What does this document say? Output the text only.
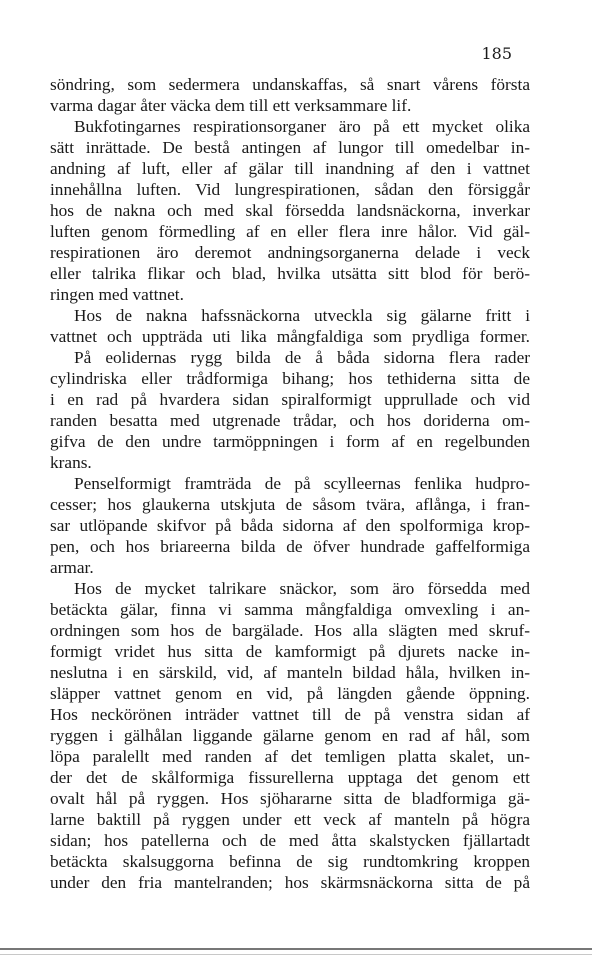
185
söndring, som sedermera undanskaffas, så snart vårens första
varma dagar åter väcka dem till ett verksammare lif.
Bukfotingarnes respirationsorganer äro på ett mycket olika
sätt inrättade. De bestå antingen af lungor till omedelbar in-
andning af luft, eller af gälar till inandning af den i vattnet
innehållna luften. Vid lungrespirationen, sådan den försiggår
hos de nakna och med skal försedda landsnäckorna, inverkar
luften genom förmedling af en eller flera inre hålor. Vid gäl-
respirationen äro deremot andningsorganerna delade i veck
eller talrika flikar och blad, hvilka utsätta sitt blod för berö-
ringen med vattnet.
Hos de nakna hafssnäckorna utveckla sig gälarne fritt i
vattnet och uppträda uti lika mångfaldiga som prydliga former.
På eolidernas rygg bilda de å båda sidorna flera rader
cylindriska eller trådformiga bihang; hos tethiderna sitta de
i en rad på hvardera sidan spiralformigt upprullade och vid
randen besatta med utgrenade trådar, och hos doriderna om-
gifva de den undre tarmöppningen i form af en regelbunden
krans.
Penselformigt framträda de på scylleernas fenlika hudpro-
cesser; hos glaukerna utskjuta de såsom tvära, aflånga, i fran-
sar utlöpande skifvor på båda sidorna af den spolformiga krop-
pen, och hos briareerna bilda de öfver hundrade gaffelformiga
armar.
Hos de mycket talrikare snäckor, som äro försedda med
betäckta gälar, finna vi samma mångfaldiga omvexling i an-
ordningen som hos de bargälade. Hos alla slägten med skruf-
formigt vridet hus sitta de kamformigt på djurets nacke in-
neslutna i en särskild, vid, af manteln bildad håla, hvilken in-
släpper vattnet genom en vid, på längden gående öppning.
Hos neckörönen inträder vattnet till de på venstra sidan af
ryggen i gälhålan liggande gälarne genom en rad af hål, som
löpa paralellt med randen af det temligen platta skalet, un-
der det de skålformiga fissurellerna upptaga det genom ett
ovalt hål på ryggen. Hos sjöhararne sitta de bladformiga gä-
larne baktill på ryggen under ett veck af manteln på högra
sidan; hos patellerna och de med åtta skalstycken fjällartadt
betäckta skalsuggorna befinna de sig rundtomkring kroppen
under den fria mantelranden; hos skärmsnäckorna sitta de på
